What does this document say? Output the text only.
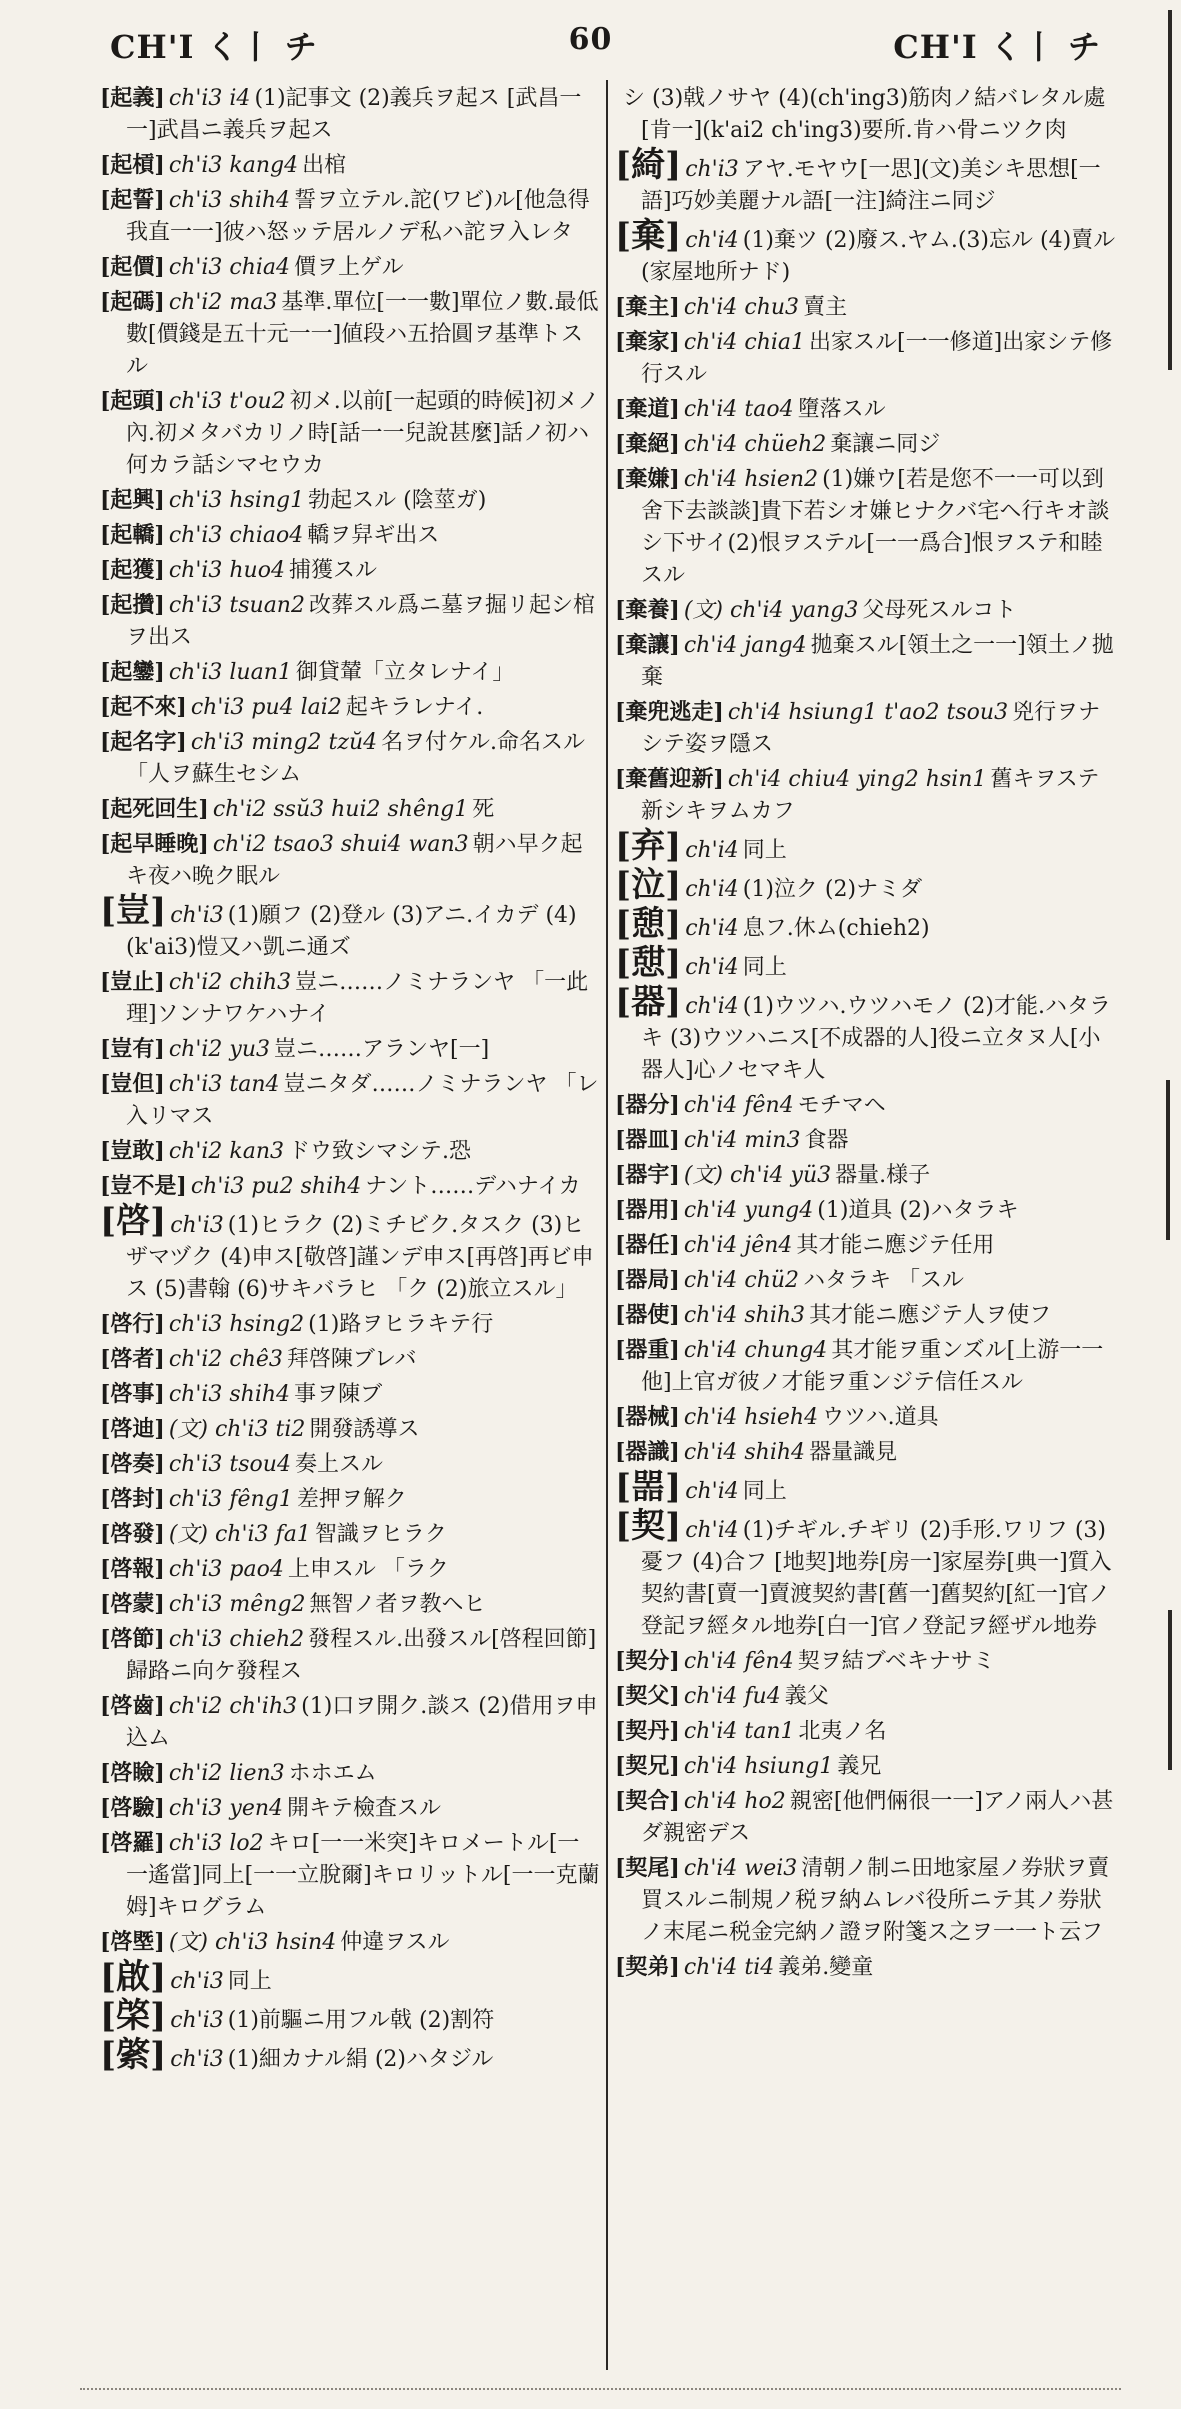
CH'I く丨 チ	60	CH'I く丨 チ
[起義] ch'i3 i4 (1)記事文 (2)義兵ヲ起ス [武昌一一]武昌ニ義兵ヲ起ス
[起槓] ch'i3 kang4 出棺
[起誓] ch'i3 shih4 誓ヲ立テル.詑(ワビ)ル[他急得我直一一]彼ハ怒ッテ居ルノデ私ハ詑ヲ入レタ
[起價] ch'i3 chia4 價ヲ上ゲル
[起碼] ch'i2 ma3 基準.單位[一一數]單位ノ數.最低數[價錢是五十元一一]値段ハ五拾圓ヲ基準トスル
[起頭] ch'i3 t'ou2 初メ.以前[一起頭的時候]初メノ內.初メタバカリノ時[話一一兒說甚麼]話ノ初ハ何カラ話シマセウカ
[起興] ch'i3 hsing1 勃起スル (陰莖ガ)
[起轎] ch'i3 chiao4 轎ヲ舁ギ出ス
[起獲] ch'i3 huo4 捕獲スル
[起攢] ch'i3 tsuan2 改葬スル爲ニ墓ヲ掘リ起シ棺ヲ出ス
[起鑾] ch'i3 luan1 御貸輦「立タレナイ」
[起不來] ch'i3 pu4 lai2 起キラレナイ.
[起名字] ch'i3 ming2 tzŭ4 名ヲ付ケル.命名スル 「人ヲ蘇生セシム
[起死回生] ch'i2 ssŭ3 hui2 shêng1 死
[起早睡晚] ch'i2 tsao3 shui4 wan3 朝ハ早ク起キ夜ハ晩ク眠ル
[豈] ch'i3 (1)願フ (2)登ル (3)アニ.イカデ (4)(k'ai3)愷又ハ凱ニ通ズ
[豈止] ch'i2 chih3 豈ニ……ノミナランヤ 「一此理]ソンナワケハナイ
[豈有] ch'i2 yu3 豈ニ……アランヤ[一]
[豈但] ch'i3 tan4 豈ニタダ……ノミナランヤ 「レ入リマス
[豈敢] ch'i2 kan3 ドウ致シマシテ.恐
[豈不是] ch'i3 pu2 shih4 ナント……デハナイカ
[啓] ch'i3 (1)ヒラク (2)ミチビク.タスク (3)ヒザマヅク (4)申ス[敬啓]謹ンデ申ス[再啓]再ビ申ス (5)書翰 (6)サキバラヒ 「ク (2)旅立スル」
[啓行] ch'i3 hsing2 (1)路ヲヒラキテ行
[啓者] ch'i2 chê3 拜啓陳ブレバ
[啓事] ch'i3 shih4 事ヲ陳ブ
[啓迪] (文) ch'i3 ti2 開發誘導ス
[啓奏] ch'i3 tsou4 奏上スル
[啓封] ch'i3 fêng1 差押ヲ解ク
[啓發] (文) ch'i3 fa1 智識ヲヒラク
[啓報] ch'i3 pao4 上申スル 「ラク
[啓蒙] ch'i3 mêng2 無智ノ者ヲ教ヘヒ
[啓節] ch'i3 chieh2 發程スル.出發スル[啓程回節]歸路ニ向ケ發程ス
[啓齒] ch'i2 ch'ih3 (1)口ヲ開ク.談ス (2)借用ヲ申込ム
[啓瞼] ch'i2 lien3 ホホエム
[啓驗] ch'i3 yen4 開キテ檢査スル
[啓羅] ch'i3 lo2 キロ[一一米突]キロメートル[一一遙當]同上[一一立脫爾]キロリットル[一一克蘭姆]キログラム
[啓塈] (文) ch'i3 hsin4 仲違ヲスル
[啟] ch'i3 同上
[棨] ch'i3 (1)前驅ニ用フル戟 (2)割符
[綮] ch'i3 (1)細カナル絹 (2)ハタジル
シ (3)戟ノサヤ (4)(ch'ing3)筋肉ノ結バレタル處[肯一](k'ai2 ch'ing3)要所.肯ハ骨ニツク肉
[綺] ch'i3 アヤ.モヤウ[一思](文)美シキ思想[一語]巧妙美麗ナル語[一注]綺注ニ同ジ
[棄] ch'i4 (1)棄ツ (2)廢ス.ヤム.(3)忘ル (4)賣ル(家屋地所ナド)
[棄主] ch'i4 chu3 賣主
[棄家] ch'i4 chia1 出家スル[一一修道]出家シテ修行スル
[棄道] ch'i4 tao4 墮落スル
[棄絕] ch'i4 chüeh2 棄讓ニ同ジ
[棄嫌] ch'i4 hsien2 (1)嫌ウ[若是您不一一可以到舍下去談談]貴下若シオ嫌ヒナクバ宅ヘ行キオ談シ下サイ(2)恨ヲステル[一一爲合]恨ヲステ和睦スル
[棄養] (文) ch'i4 yang3 父母死スルコト
[棄讓] ch'i4 jang4 拋棄スル[領土之一一]領土ノ拋棄
[棄兜逃走] ch'i4 hsiung1 t'ao2 tsou3 兇行ヲナシテ姿ヲ隱ス
[棄舊迎新] ch'i4 chiu4 ying2 hsin1 舊キヲステ新シキヲムカフ
[弃] ch'i4 同上
[泣] ch'i4 (1)泣ク (2)ナミダ
[憩] ch'i4 息フ.休ム(chieh2)
[憇] ch'i4 同上
[器] ch'i4 (1)ウツハ.ウツハモノ (2)才能.ハタラキ (3)ウツハニス[不成器的人]役ニ立タヌ人[小器人]心ノセマキ人
[器分] ch'i4 fên4 モチマヘ
[器皿] ch'i4 min3 食器
[器宇] (文) ch'i4 yü3 器量.様子
[器用] ch'i4 yung4 (1)道具 (2)ハタラキ
[器任] ch'i4 jên4 其才能ニ應ジテ任用
[器局] ch'i4 chü2 ハタラキ 「スル
[器使] ch'i4 shih3 其才能ニ應ジテ人ヲ使フ
[器重] ch'i4 chung4 其才能ヲ重ンズル[上游一一他]上官ガ彼ノ才能ヲ重ンジテ信任スル
[器械] ch'i4 hsieh4 ウツハ.道具
[器識] ch'i4 shih4 器量識見
[噐] ch'i4 同上
[契] ch'i4 (1)チギル.チギリ (2)手形.ワリフ (3)憂フ (4)合フ [地契]地券[房一]家屋券[典一]質入契約書[賣一]賣渡契約書[舊一]舊契約[紅一]官ノ登記ヲ經タル地券[白一]官ノ登記ヲ經ザル地券
[契分] ch'i4 fên4 契ヲ結ブベキナサミ
[契父] ch'i4 fu4 義父
[契丹] ch'i4 tan1 北夷ノ名
[契兄] ch'i4 hsiung1 義兄
[契合] ch'i4 ho2 親密[他們倆很一一]アノ兩人ハ甚ダ親密デス
[契尾] ch'i4 wei3 清朝ノ制ニ田地家屋ノ券狀ヲ賣買スルニ制規ノ税ヲ納ムレバ役所ニテ其ノ券狀ノ末尾ニ税金完納ノ證ヲ附箋ス之ヲ一一ト云フ
[契弟] ch'i4 ti4 義弟.變童
